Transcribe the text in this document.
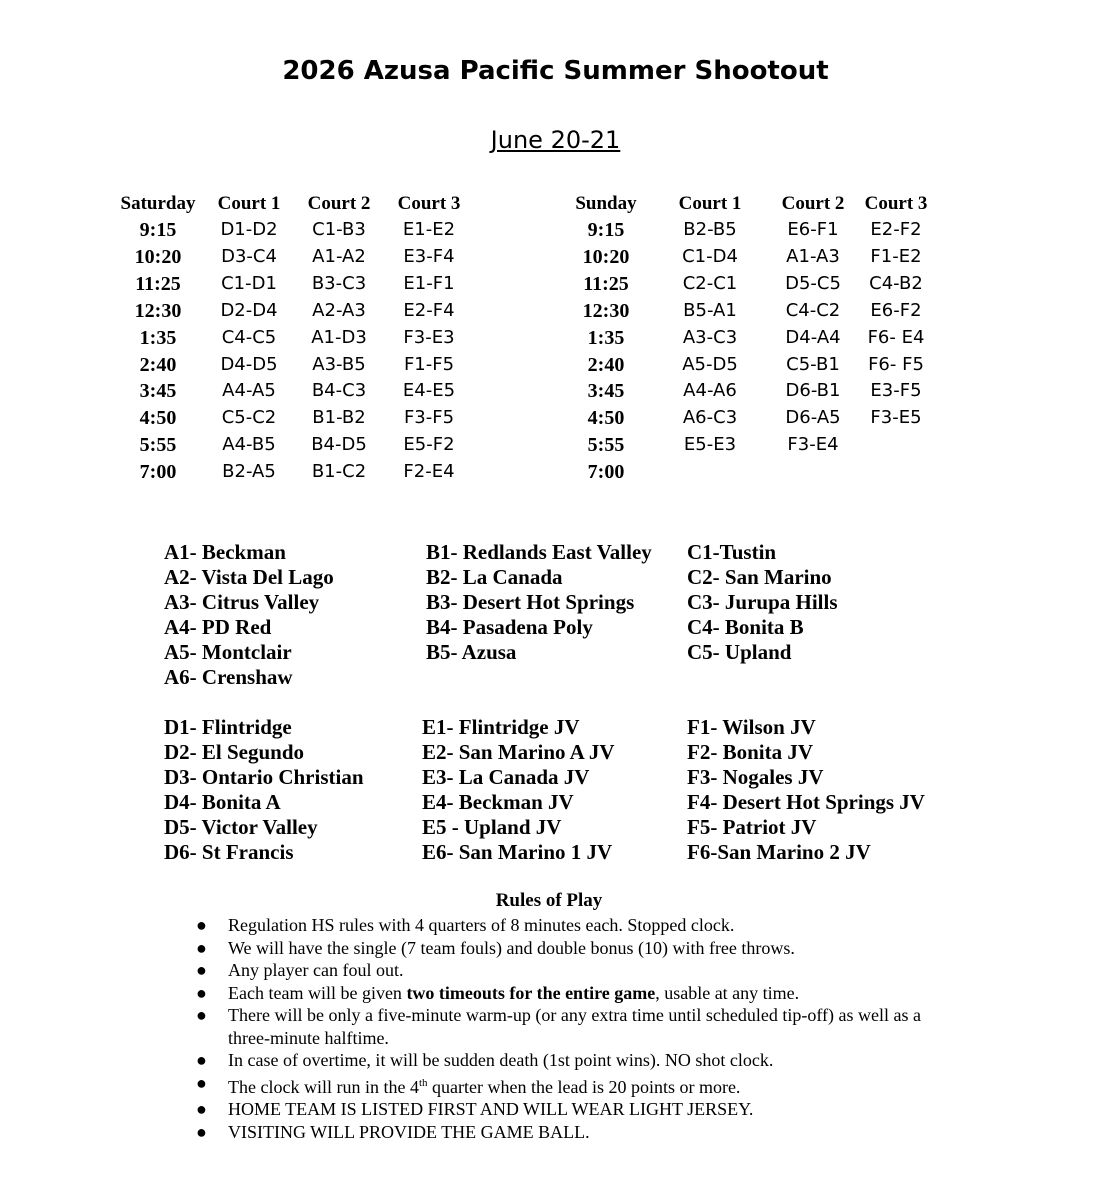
2026 Azusa Pacific Summer Shootout
June 20-21
Saturday	Court 1	Court 2	Court 3
9:15	D1-D2	C1-B3	E1-E2
10:20	D3-C4	A1-A2	E3-F4
11:25	C1-D1	B3-C3	E1-F1
12:30	D2-D4	A2-A3	E2-F4
1:35	C4-C5	A1-D3	F3-E3
2:40	D4-D5	A3-B5	F1-F5
3:45	A4-A5	B4-C3	E4-E5
4:50	C5-C2	B1-B2	F3-F5
5:55	A4-B5	B4-D5	E5-F2
7:00	B2-A5	B1-C2	F2-E4
Sunday	Court 1	Court 2	Court 3
9:15	B2-B5	E6-F1	E2-F2
10:20	C1-D4	A1-A3	F1-E2
11:25	C2-C1	D5-C5	C4-B2
12:30	B5-A1	C4-C2	E6-F2
1:35	A3-C3	D4-A4	F6- E4
2:40	A5-D5	C5-B1	F6- F5
3:45	A4-A6	D6-B1	E3-F5
4:50	A6-C3	D6-A5	F3-E5
5:55	E5-E3	F3-E4
7:00
A1- Beckman
A2- Vista Del Lago
A3- Citrus Valley
A4- PD Red
A5- Montclair
A6- Crenshaw
B1- Redlands East Valley
B2- La Canada
B3- Desert Hot Springs
B4- Pasadena Poly
B5- Azusa
C1-Tustin
C2- San Marino
C3- Jurupa Hills
C4- Bonita B
C5- Upland
D1- Flintridge
D2- El Segundo
D3- Ontario Christian
D4- Bonita A
D5- Victor Valley
D6- St Francis
E1- Flintridge JV
E2- San Marino A JV
E3- La Canada JV
E4- Beckman JV
E5 - Upland JV
E6- San Marino 1 JV
F1- Wilson JV
F2- Bonita JV
F3- Nogales JV
F4- Desert Hot Springs JV
F5- Patriot JV
F6-San Marino 2 JV
Rules of Play
● Regulation HS rules with 4 quarters of 8 minutes each. Stopped clock.
● We will have the single (7 team fouls) and double bonus (10) with free throws.
● Any player can foul out.
● Each team will be given two timeouts for the entire game, usable at any time.
● There will be only a five-minute warm-up (or any extra time until scheduled tip-off) as well as a three-minute halftime.
● In case of overtime, it will be sudden death (1st point wins). NO shot clock.
● The clock will run in the 4th quarter when the lead is 20 points or more.
● HOME TEAM IS LISTED FIRST AND WILL WEAR LIGHT JERSEY.
● VISITING WILL PROVIDE THE GAME BALL.
